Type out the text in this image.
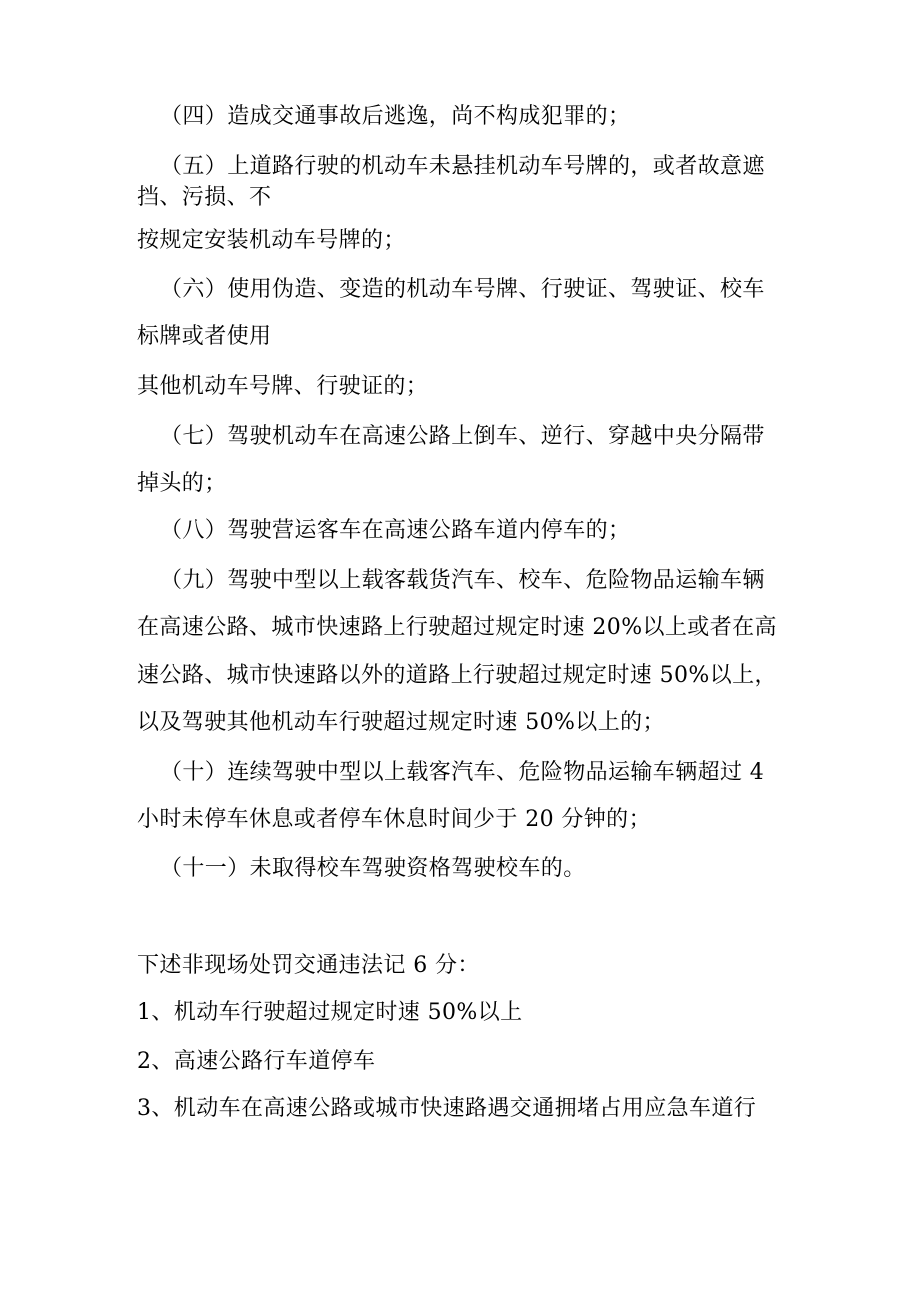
（四）造成交通事故后逃逸，尚不构成犯罪的；
（五）上道路行驶的机动车未悬挂机动车号牌的，或者故意遮
挡、污损、不
按规定安装机动车号牌的；
（六）使用伪造、变造的机动车号牌、行驶证、驾驶证、校车
标牌或者使用
其他机动车号牌、行驶证的；
（七）驾驶机动车在高速公路上倒车、逆行、穿越中央分隔带
掉头的；
（八）驾驶营运客车在高速公路车道内停车的；
（九）驾驶中型以上载客载货汽车、校车、危险物品运输车辆
在高速公路、城市快速路上行驶超过规定时速 20%以上或者在高
速公路、城市快速路以外的道路上行驶超过规定时速 50%以上，
以及驾驶其他机动车行驶超过规定时速 50%以上的；
（十）连续驾驶中型以上载客汽车、危险物品运输车辆超过 4
小时未停车休息或者停车休息时间少于 20 分钟的；
（十一）未取得校车驾驶资格驾驶校车的。
下述非现场处罚交通违法记 6 分：
1、机动车行驶超过规定时速 50%以上
2、高速公路行车道停车
3、机动车在高速公路或城市快速路遇交通拥堵占用应急车道行
